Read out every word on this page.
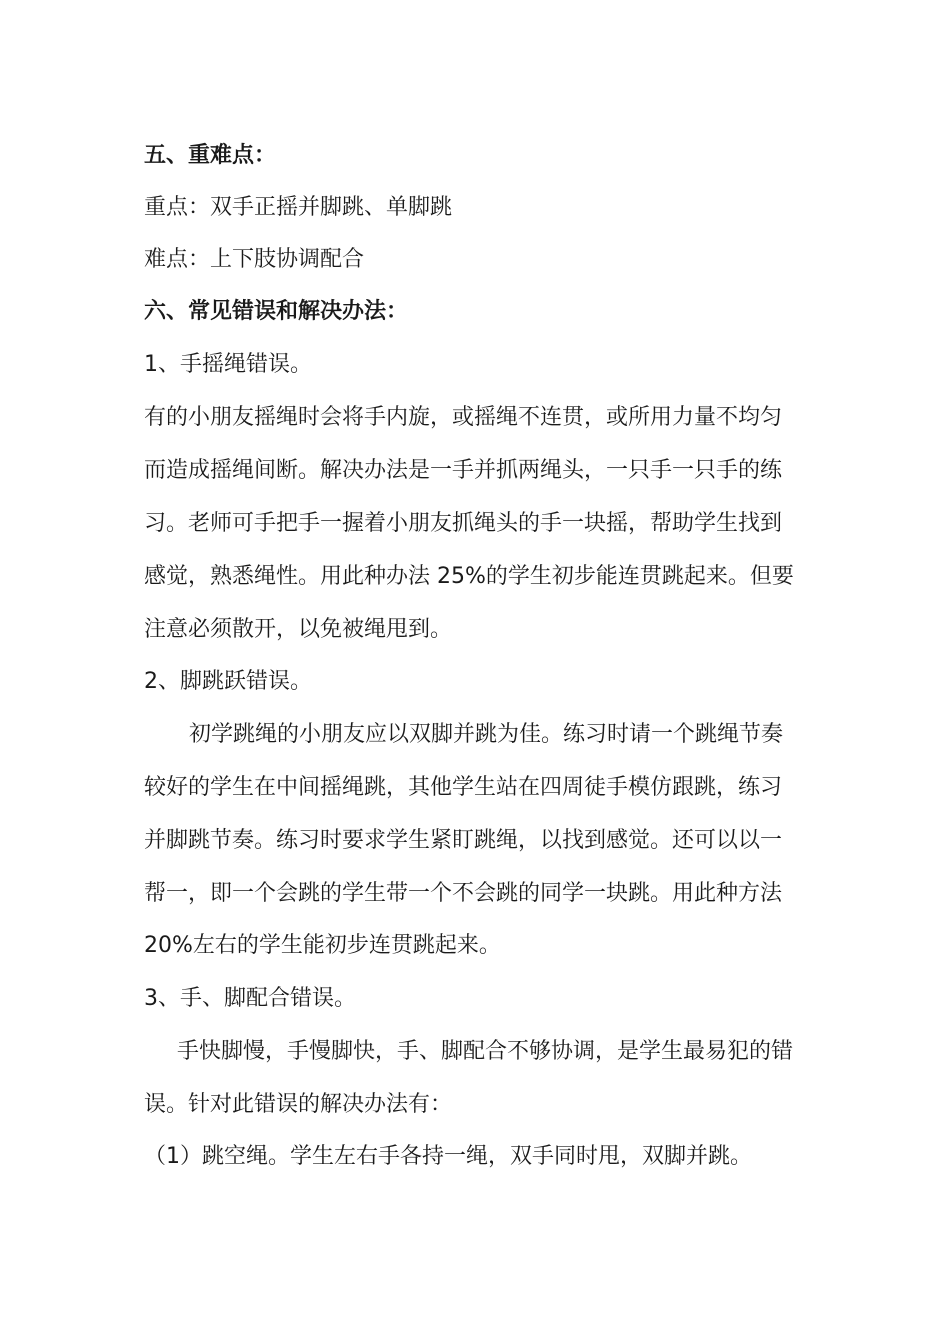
五、重难点：

重点：双手正摇并脚跳、单脚跳

难点：上下肢协调配合

六、常见错误和解决办法：

1、手摇绳错误。

有的小朋友摇绳时会将手内旋，或摇绳不连贯，或所用力量不均匀

而造成摇绳间断。解决办法是一手并抓两绳头，一只手一只手的练

习。老师可手把手一握着小朋友抓绳头的手一块摇，帮助学生找到

感觉，熟悉绳性。用此种办法 25%的学生初步能连贯跳起来。但要

注意必须散开，以免被绳甩到。

2、脚跳跃错误。

初学跳绳的小朋友应以双脚并跳为佳。练习时请一个跳绳节奏

较好的学生在中间摇绳跳，其他学生站在四周徒手模仿跟跳，练习

并脚跳节奏。练习时要求学生紧盯跳绳，以找到感觉。还可以以一

帮一，即一个会跳的学生带一个不会跳的同学一块跳。用此种方法

20%左右的学生能初步连贯跳起来。

3、手、脚配合错误。

手快脚慢，手慢脚快，手、脚配合不够协调，是学生最易犯的错

误。针对此错误的解决办法有：

（1）跳空绳。学生左右手各持一绳，双手同时甩，双脚并跳。
